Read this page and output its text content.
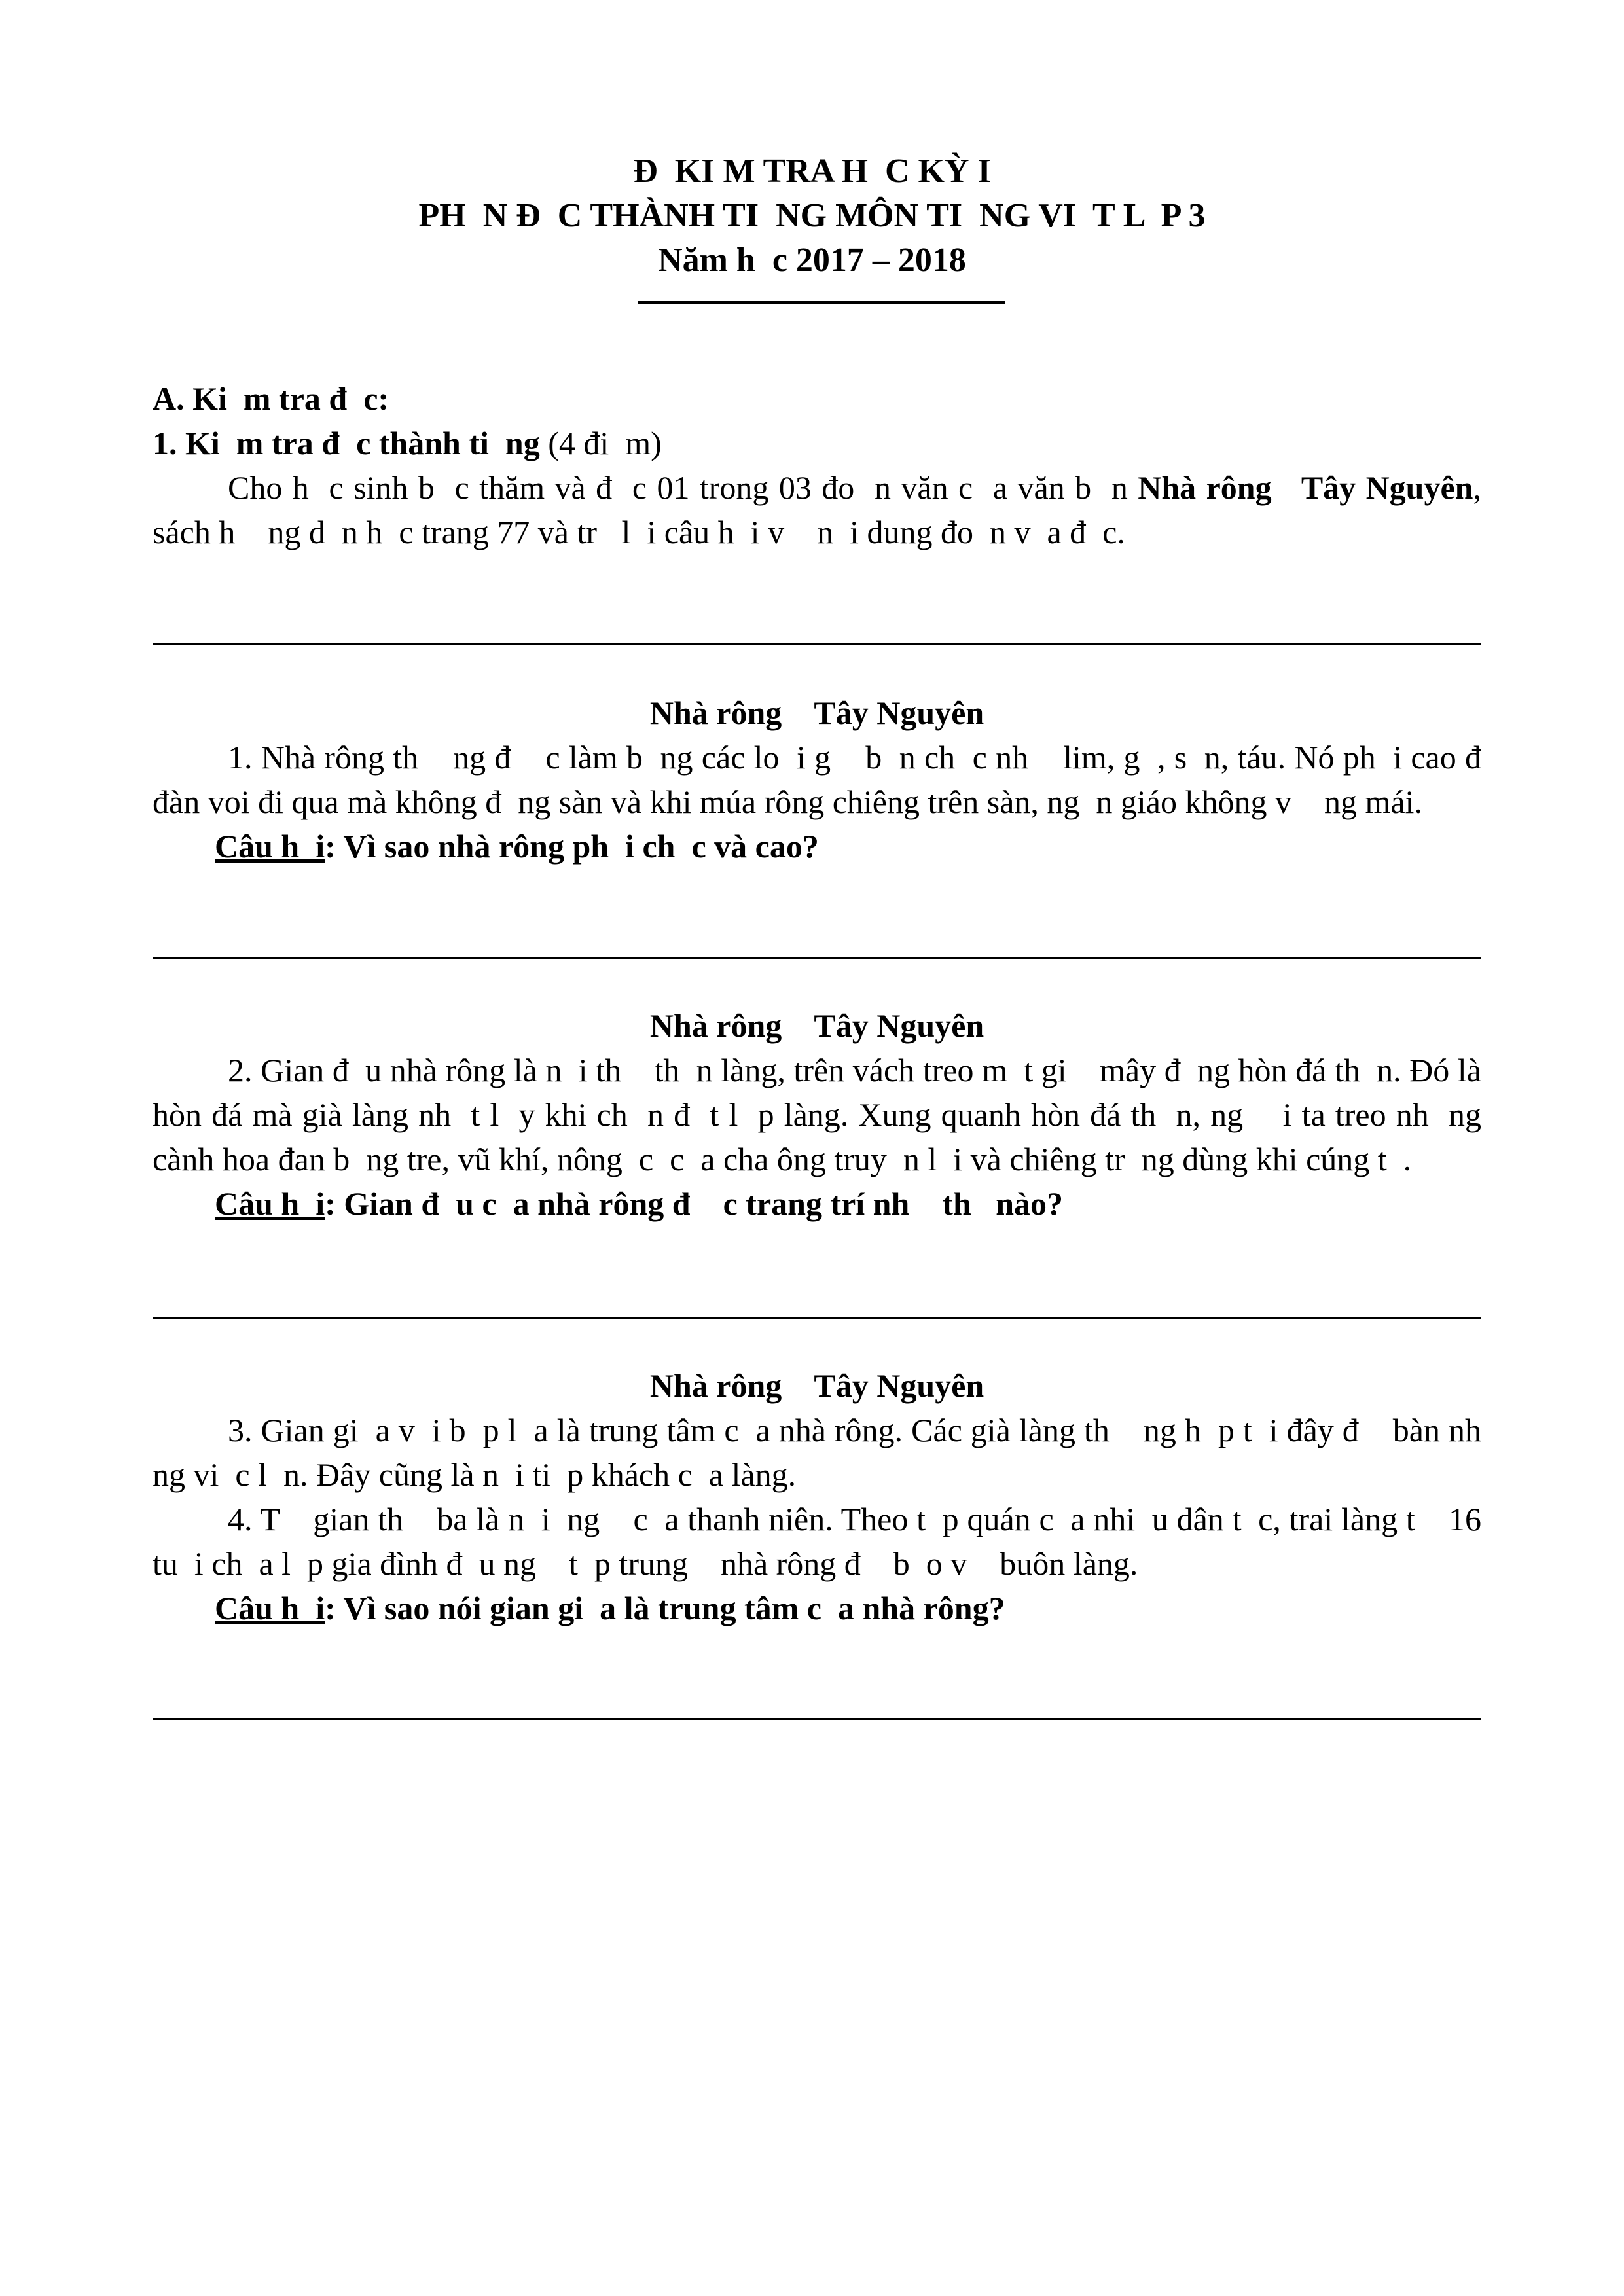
Đ  KI M TRA H  C KỲ I
PH  N Đ  C THÀNH TI  NG MÔN TI  NG VI  T L  P 3
Năm h  c 2017 – 2018

A. Ki  m tra đ  c:

1. Ki  m tra đ  c thành ti  ng (4 đi  m)

Cho h  c sinh b  c thăm và đ  c 01 trong 03 đo  n văn c  a văn b  n Nhà rông   Tây Nguyên, sách h    ng d  n h  c trang 77 và tr   l  i câu h  i v    n  i dung đo  n v  a đ  c.

Nhà rông    Tây Nguyên

1. Nhà rông th    ng đ    c làm b  ng các lo  i g    b  n ch  c nh    lim, g  , s  n, táu. Nó ph  i cao đ    đàn voi đi qua mà không đ  ng sàn và khi múa rông chiêng trên sàn, ng  n giáo không v    ng mái.

Câu h  i: Vì sao nhà rông ph  i ch  c và cao?

Nhà rông    Tây Nguyên

2. Gian đ  u nhà rông là n  i th    th  n làng, trên vách treo m  t gi    mây đ  ng hòn đá th  n. Đó là hòn đá mà già làng nh  t l  y khi ch  n đ  t l  p làng. Xung quanh hòn đá th  n, ng    i ta treo nh  ng cành hoa đan b  ng tre, vũ khí, nông  c  c  a cha ông truy  n l  i và chiêng tr  ng dùng khi cúng t  .

Câu h  i: Gian đ  u c  a nhà rông đ    c trang trí nh    th   nào?

Nhà rông    Tây Nguyên

3. Gian gi  a v  i b  p l  a là trung tâm c  a nhà rông. Các già làng th    ng h  p t  i đây đ    bàn nh  ng vi  c l  n. Đây cũng là n  i ti  p khách c  a làng.

4. T    gian th    ba là n  i  ng    c  a thanh niên. Theo t  p quán c  a nhi  u dân t  c, trai làng t    16 tu  i ch  a l  p gia đình đ  u ng    t  p trung    nhà rông đ    b  o v    buôn làng.

Câu h  i: Vì sao nói gian gi  a là trung tâm c  a nhà rông?
